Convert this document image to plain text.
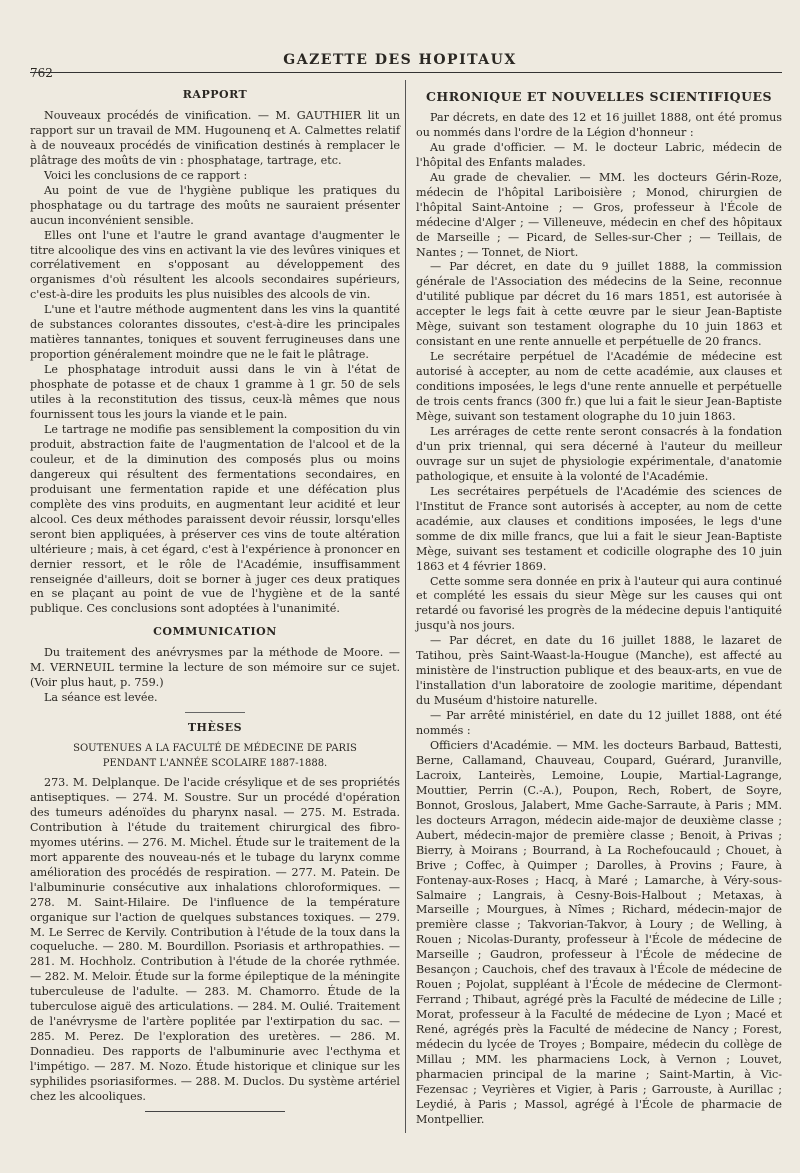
762
GAZETTE DES HOPITAUX
RAPPORT

Nouveaux procédés de vinification. — M. GAUTHIER lit un rapport sur un travail de MM. Hugounenq et A. Calmettes relatif à de nouveaux procédés de vinification destinés à remplacer le plâtrage des moûts de vin : phosphatage, tartrage, etc.

Voici les conclusions de ce rapport :

Au point de vue de l'hygiène publique les pratiques du phosphatage ou du tartrage des moûts ne sauraient présenter aucun inconvénient sensible.

Elles ont l'une et l'autre le grand avantage d'augmenter le titre alcoolique des vins en activant la vie des levûres viniques et corrélativement en s'opposant au développement des organismes d'où résultent les alcools secondaires supérieurs, c'est-à-dire les produits les plus nuisibles des alcools de vin.

L'une et l'autre méthode augmentent dans les vins la quantité de substances colorantes dissoutes, c'est-à-dire les principales matières tannantes, toniques et souvent ferrugineuses dans une proportion généralement moindre que ne le fait le plâtrage.

Le phosphatage introduit aussi dans le vin à l'état de phosphate de potasse et de chaux 1 gramme à 1 gr. 50 de sels utiles à la reconstitution des tissus, ceux-là mêmes que nous fournissent tous les jours la viande et le pain.

Le tartrage ne modifie pas sensiblement la composition du vin produit, abstraction faite de l'augmentation de l'alcool et de la couleur, et de la diminution des composés plus ou moins dangereux qui résultent des fermentations secondaires, en produisant une fermentation rapide et une défécation plus complète des vins produits, en augmentant leur acidité et leur alcool. Ces deux méthodes paraissent devoir réussir, lorsqu'elles seront bien appliquées, à préserver ces vins de toute altération ultérieure ; mais, à cet égard, c'est à l'expérience à prononcer en dernier ressort, et le rôle de l'Académie, insuffisamment renseignée d'ailleurs, doit se borner à juger ces deux pratiques en se plaçant au point de vue de l'hygiène et de la santé publique. Ces conclusions sont adoptées à l'unanimité.

COMMUNICATION

Du traitement des anévrysmes par la méthode de Moore. — M. VERNEUIL termine la lecture de son mémoire sur ce sujet. (Voir plus haut, p. 759.)

La séance est levée.

THÈSES
SOUTENUES A LA FACULTÉ DE MÉDECINE DE PARIS
PENDANT L'ANNÉE SCOLAIRE 1887-1888.

273. M. Delplanque. De l'acide crésylique et de ses propriétés antiseptiques. — 274. M. Soustre. Sur un procédé d'opération des tumeurs adénoïdes du pharynx nasal. — 275. M. Estrada. Contribution à l'étude du traitement chirurgical des fibro-myomes utérins. — 276. M. Michel. Étude sur le traitement de la mort apparente des nouveau-nés et le tubage du larynx comme amélioration des procédés de respiration. — 277. M. Patein. De l'albuminurie consécutive aux inhalations chloroformiques. — 278. M. Saint-Hilaire. De l'influence de la température organique sur l'action de quelques substances toxiques. — 279. M. Le Serrec de Kervily. Contribution à l'étude de la toux dans la coqueluche. — 280. M. Bourdillon. Psoriasis et arthropathies. — 281. M. Hochholz. Contribution à l'étude de la chorée rythmée. — 282. M. Meloir. Étude sur la forme épileptique de la méningite tuberculeuse de l'adulte. — 283. M. Chamorro. Étude de la tuberculose aiguë des articulations. — 284. M. Oulié. Traitement de l'anévrysme de l'artère poplitée par l'extirpation du sac. — 285. M. Perez. De l'exploration des uretères. — 286. M. Donnadieu. Des rapports de l'albuminurie avec l'ecthyma et l'impétigo. — 287. M. Nozo. Étude historique et clinique sur les syphilides psoriasiformes. — 288. M. Duclos. Du système artériel chez les alcooliques.

CHRONIQUE ET NOUVELLES SCIENTIFIQUES

Par décrets, en date des 12 et 16 juillet 1888, ont été promus ou nommés dans l'ordre de la Légion d'honneur :

Au grade d'officier. — M. le docteur Labric, médecin de l'hôpital des Enfants malades.

Au grade de chevalier. — MM. les docteurs Gérin-Roze, médecin de l'hôpital Lariboisière ; Monod, chirurgien de l'hôpital Saint-Antoine ; — Gros, professeur à l'École de médecine d'Alger ; — Villeneuve, médecin en chef des hôpitaux de Marseille ; — Picard, de Selles-sur-Cher ; — Teillais, de Nantes ; — Tonnet, de Niort.

— Par décret, en date du 9 juillet 1888, la commission générale de l'Association des médecins de la Seine, reconnue d'utilité publique par décret du 16 mars 1851, est autorisée à accepter le legs fait à cette œuvre par le sieur Jean-Baptiste Mège, suivant son testament olographe du 10 juin 1863 et consistant en une rente annuelle et perpétuelle de 20 francs.

Le secrétaire perpétuel de l'Académie de médecine est autorisé à accepter, au nom de cette académie, aux clauses et conditions imposées, le legs d'une rente annuelle et perpétuelle de trois cents francs (300 fr.) que lui a fait le sieur Jean-Baptiste Mège, suivant son testament olographe du 10 juin 1863.

Les arrérages de cette rente seront consacrés à la fondation d'un prix triennal, qui sera décerné à l'auteur du meilleur ouvrage sur un sujet de physiologie expérimentale, d'anatomie pathologique, et ensuite à la volonté de l'Académie.

Les secrétaires perpétuels de l'Académie des sciences de l'Institut de France sont autorisés à accepter, au nom de cette académie, aux clauses et conditions imposées, le legs d'une somme de dix mille francs, que lui a fait le sieur Jean-Baptiste Mège, suivant ses testament et codicille olographe des 10 juin 1863 et 4 février 1869.

Cette somme sera donnée en prix à l'auteur qui aura continué et complété les essais du sieur Mège sur les causes qui ont retardé ou favorisé les progrès de la médecine depuis l'antiquité jusqu'à nos jours.

— Par décret, en date du 16 juillet 1888, le lazaret de Tatihou, près Saint-Waast-la-Hougue (Manche), est affecté au ministère de l'instruction publique et des beaux-arts, en vue de l'installation d'un laboratoire de zoologie maritime, dépendant du Muséum d'histoire naturelle.

— Par arrêté ministériel, en date du 12 juillet 1888, ont été nommés :

Officiers d'Académie. — MM. les docteurs Barbaud, Battesti, Berne, Callamand, Chauveau, Coupard, Guérard, Juranville, Lacroix, Lanteirès, Lemoine, Loupie, Martial-Lagrange, Mouttier, Perrin (C.-A.), Poupon, Rech, Robert, de Soyre, Bonnot, Groslous, Jalabert, Mme Gache-Sarraute, à Paris ; MM. les docteurs Arragon, médecin aide-major de deuxième classe ; Aubert, médecin-major de première classe ; Benoit, à Privas ; Bierry, à Moirans ; Bourrand, à La Rochefoucauld ; Chouet, à Brive ; Coffec, à Quimper ; Darolles, à Provins ; Faure, à Fontenay-aux-Roses ; Hacq, à Maré ; Lamarche, à Véry-sous-Salmaire ; Langrais, à Cesny-Bois-Halbout ; Metaxas, à Marseille ; Mourgues, à Nîmes ; Richard, médecin-major de première classe ; Takvorian-Takvor, à Loury ; de Welling, à Rouen ; Nicolas-Duranty, professeur à l'École de médecine de Marseille ; Gaudron, professeur à l'École de médecine de Besançon ; Cauchois, chef des travaux à l'École de médecine de Rouen ; Pojolat, suppléant à l'École de médecine de Clermont-Ferrand ; Thibaut, agrégé près la Faculté de médecine de Lille ; Morat, professeur à la Faculté de médecine de Lyon ; Macé et René, agrégés près la Faculté de médecine de Nancy ; Forest, médecin du lycée de Troyes ; Bompaire, médecin du collège de Millau ; MM. les pharmaciens Lock, à Vernon ; Louvet, pharmacien principal de la marine ; Saint-Martin, à Vic-Fezensac ; Veyrières et Vigier, à Paris ; Garrouste, à Aurillac ; Leydié, à Paris ; Massol, agrégé à l'École de pharmacie de Montpellier.
